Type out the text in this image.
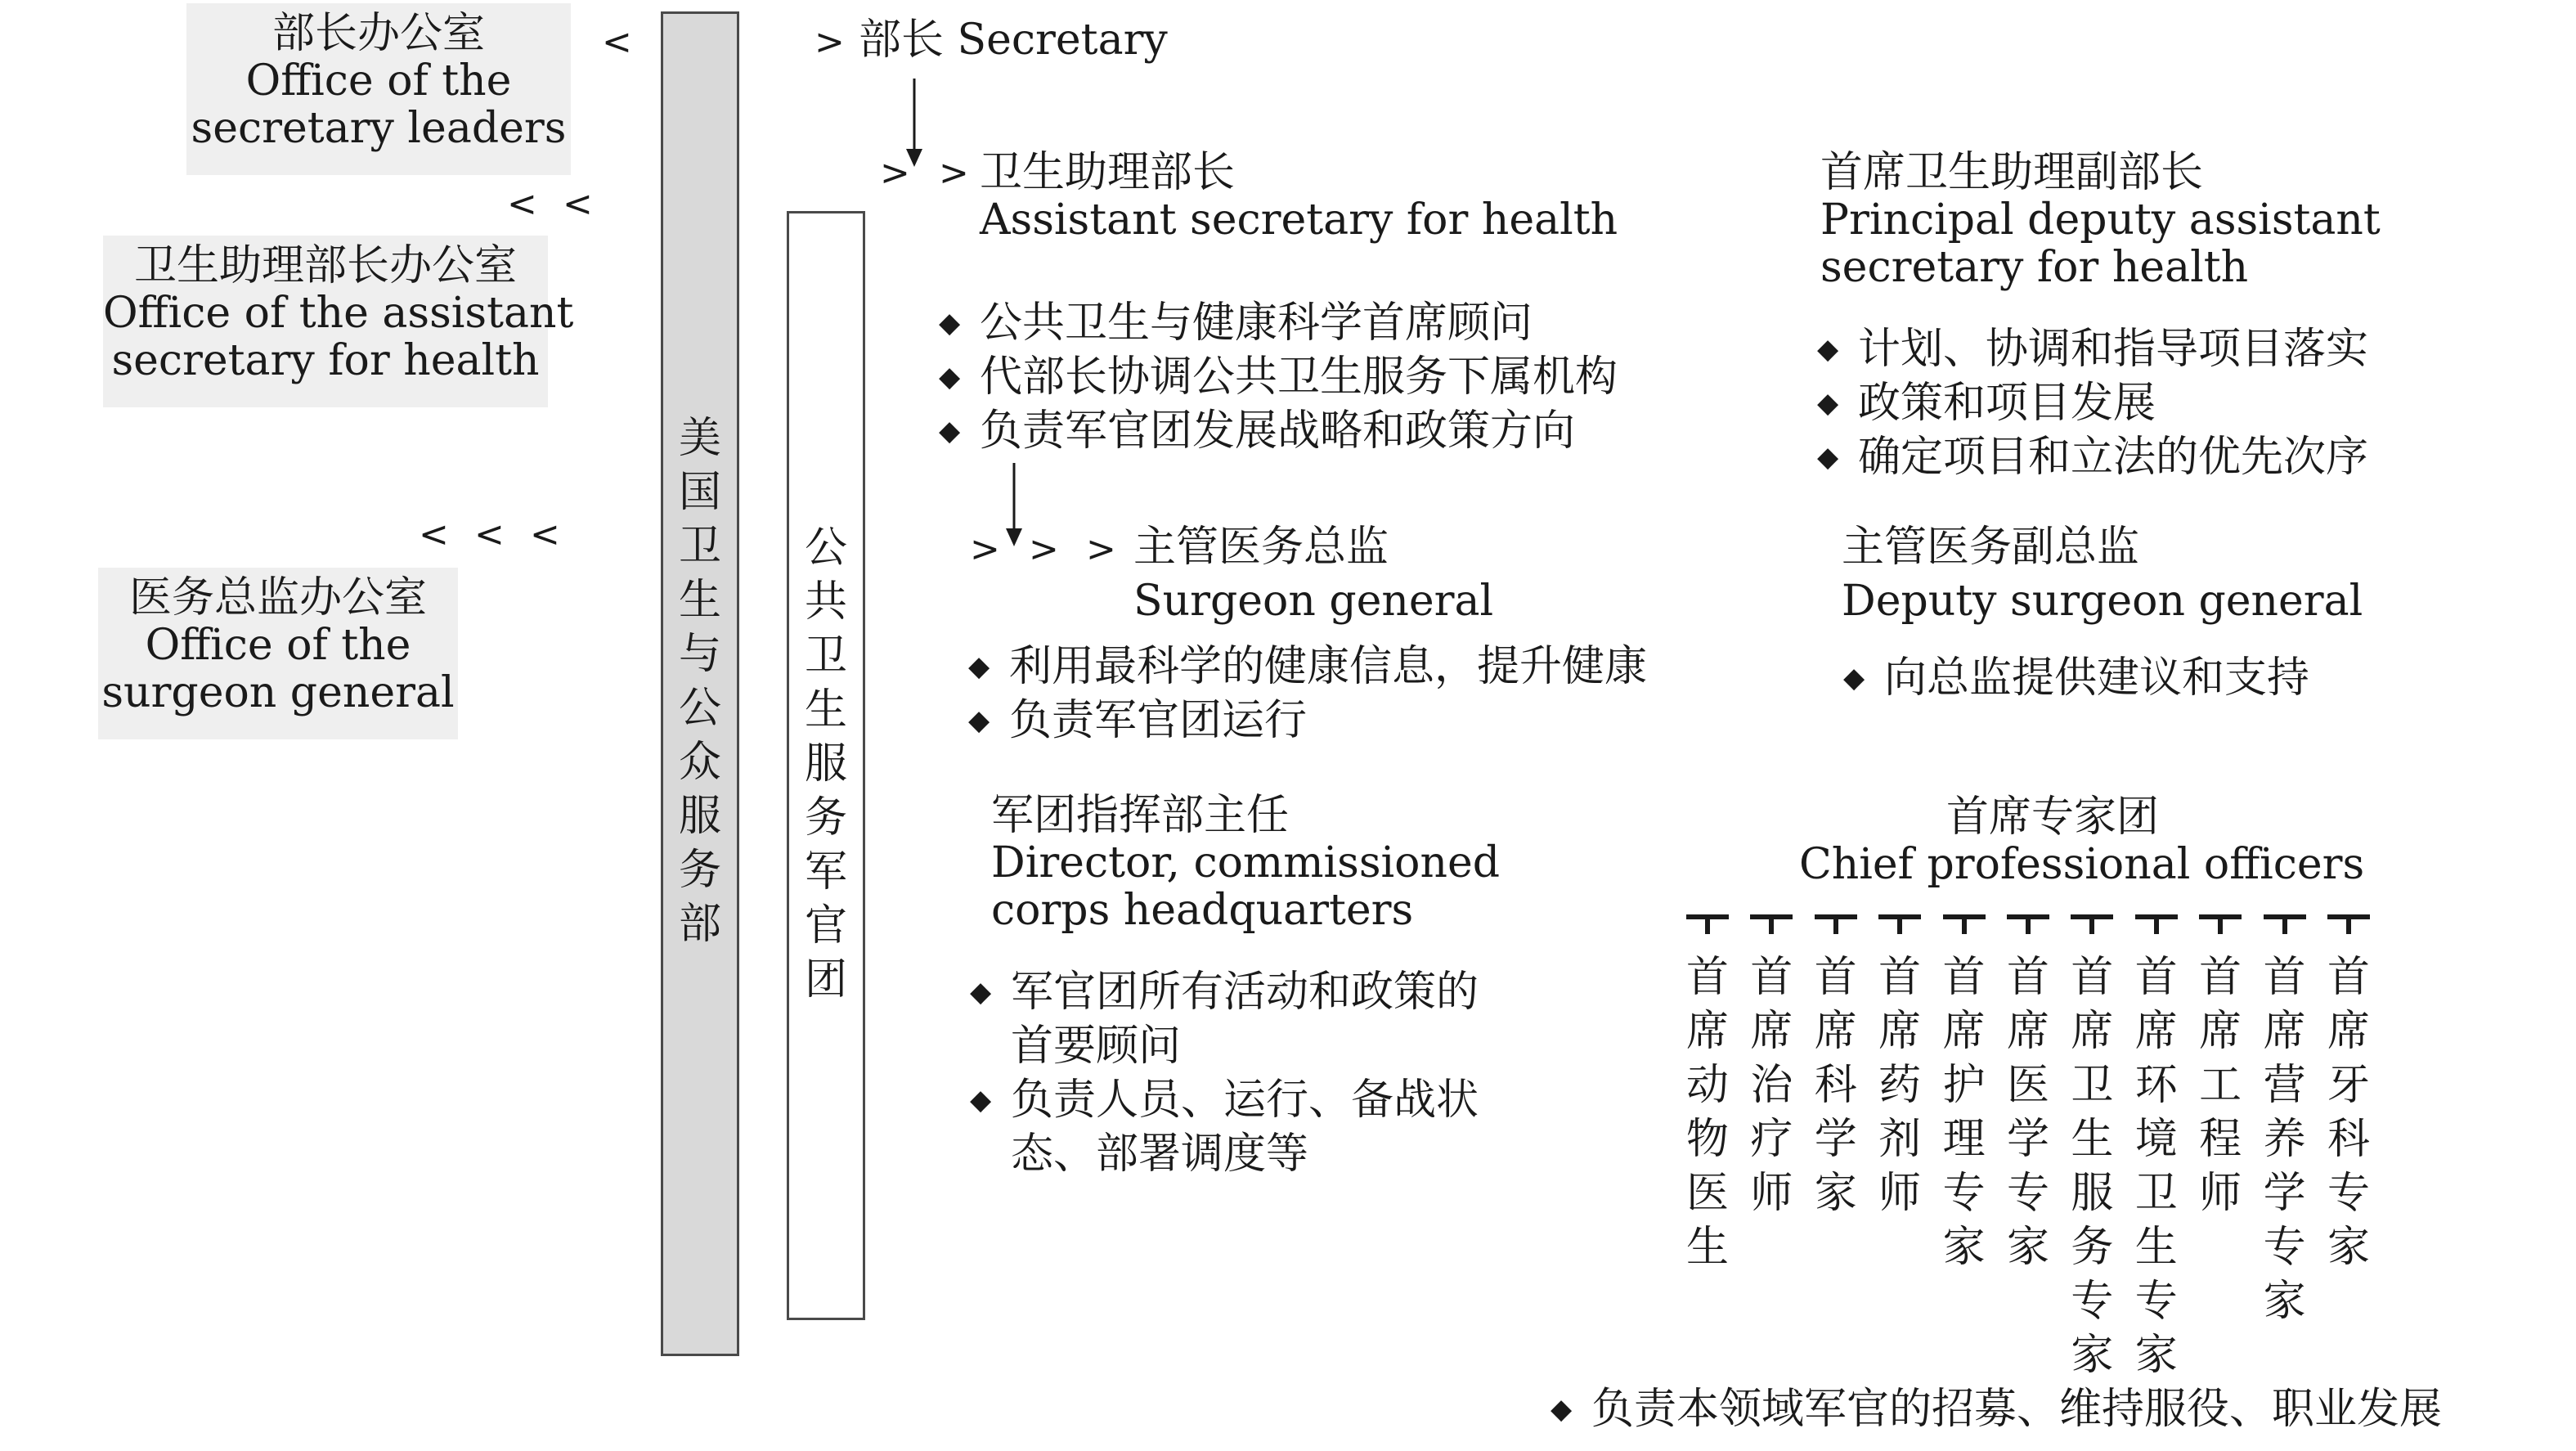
部长办公室
Office of the
secretary leaders
卫生助理部长办公室
Office of the assistant
secretary for health
医务总监办公室
Office of the
surgeon general
<
< <
< < <
美
国
卫
生
与
公
众
服
务
部
公
共
卫
生
服
务
军
官
团
> 部长 Secretary
> > 卫生助理部长
Assistant secretary for health
◆ 公共卫生与健康科学首席顾问
◆ 代部长协调公共卫生服务下属机构
◆ 负责军官团发展战略和政策方向
首席卫生助理副部长
Principal deputy assistant
secretary for health
◆ 计划、协调和指导项目落实
◆ 政策和项目发展
◆ 确定项目和立法的优先次序
> > > 主管医务总监
Surgeon general
◆ 利用最科学的健康信息，提升健康
◆ 负责军官团运行
主管医务副总监
Deputy surgeon general
◆ 向总监提供建议和支持
军团指挥部主任
Director, commissioned
corps headquarters
◆ 军官团所有活动和政策的
首要顾问
◆ 负责人员、运行、备战状
态、部署调度等
首席专家团
Chief professional officers
首
席
动
物
医
生
首
席
治
疗
师
首
席
科
学
家
首
席
药
剂
师
首
席
护
理
专
家
首
席
医
学
专
家
首
席
卫
生
服
务
专
家
首
席
环
境
卫
生
专
家
首
席
工
程
师
首
席
营
养
学
专
家
首
席
牙
科
专
家
◆ 负责本领域军官的招募、维持服役、职业发展
